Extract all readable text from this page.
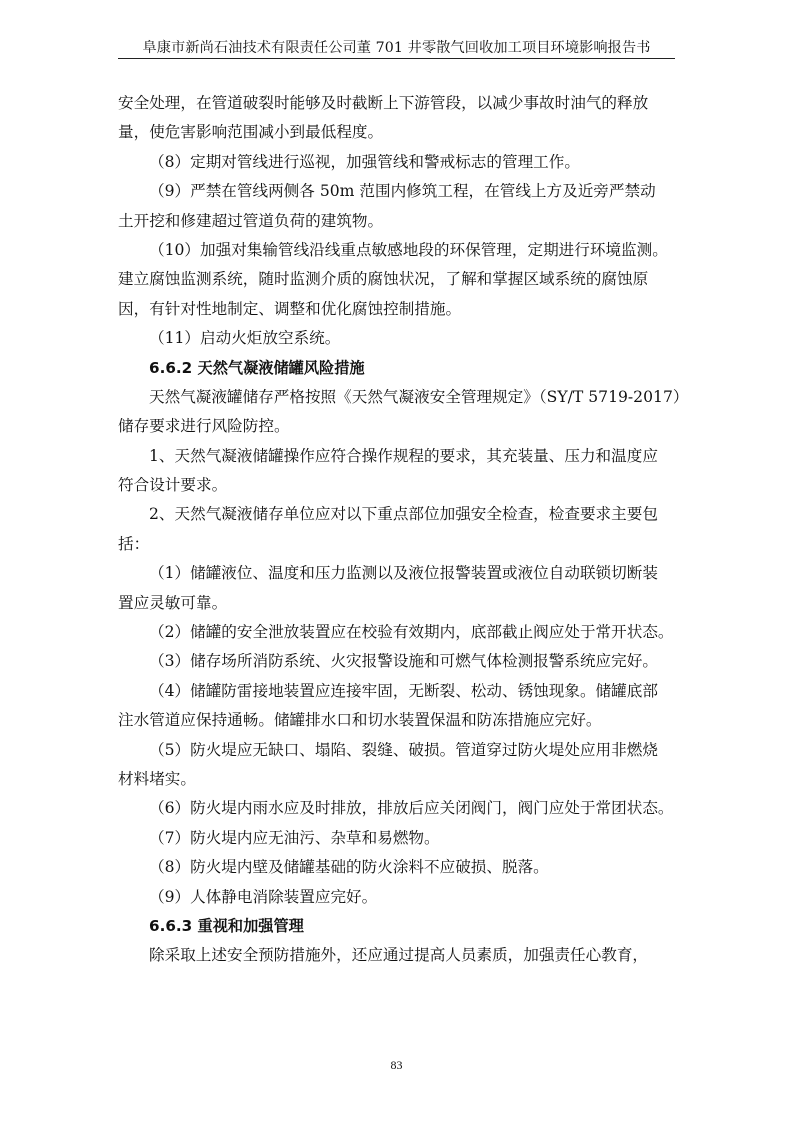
阜康市新尚石油技术有限责任公司董 701 井零散气回收加工项目环境影响报告书
安全处理，在管道破裂时能够及时截断上下游管段，以减少事故时油气的释放
量，使危害影响范围减小到最低程度。
（8）定期对管线进行巡视，加强管线和警戒标志的管理工作。
（9）严禁在管线两侧各 50m 范围内修筑工程，在管线上方及近旁严禁动
土开挖和修建超过管道负荷的建筑物。
（10）加强对集输管线沿线重点敏感地段的环保管理，定期进行环境监测。
建立腐蚀监测系统，随时监测介质的腐蚀状况，了解和掌握区域系统的腐蚀原
因，有针对性地制定、调整和优化腐蚀控制措施。
（11）启动火炬放空系统。
6.6.2 天然气凝液储罐风险措施
天然气凝液罐储存严格按照《天然气凝液安全管理规定》（SY/T 5719-2017）
储存要求进行风险防控。
1、天然气凝液储罐操作应符合操作规程的要求，其充装量、压力和温度应
符合设计要求。
2、天然气凝液储存单位应对以下重点部位加强安全检查，检查要求主要包
括：
（1）储罐液位、温度和压力监测以及液位报警装置或液位自动联锁切断装
置应灵敏可靠。
（2）储罐的安全泄放装置应在校验有效期内，底部截止阀应处于常开状态。
（3）储存场所消防系统、火灾报警设施和可燃气体检测报警系统应完好。
（4）储罐防雷接地装置应连接牢固，无断裂、松动、锈蚀现象。储罐底部
注水管道应保持通畅。储罐排水口和切水装置保温和防冻措施应完好。
（5）防火堤应无缺口、塌陷、裂缝、破损。管道穿过防火堤处应用非燃烧
材料堵实。
（6）防火堤内雨水应及时排放，排放后应关闭阀门，阀门应处于常团状态。
（7）防火堤内应无油污、杂草和易燃物。
（8）防火堤内壁及储罐基础的防火涂料不应破损、脱落。
（9）人体静电消除装置应完好。
6.6.3 重视和加强管理
除采取上述安全预防措施外，还应通过提高人员素质，加强责任心教育，
83
